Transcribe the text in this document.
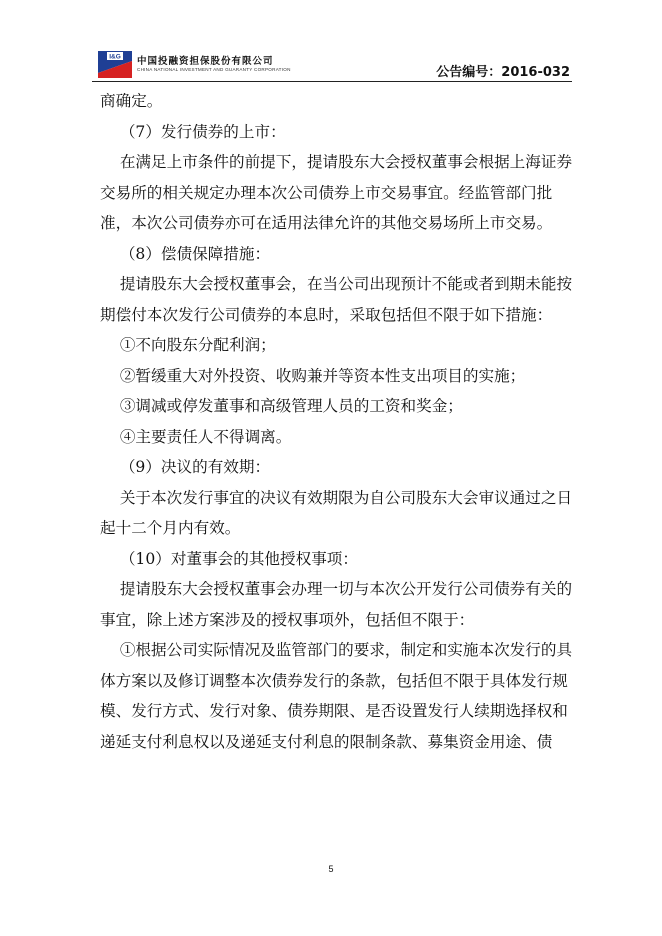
I&G 中国投融资担保股份有限公司
CHINA NATIONAL INVESTMENT AND GUARANTY CORPORATION	公告编号：2016-032

商确定。

（7）发行债券的上市：

在满足上市条件的前提下，提请股东大会授权董事会根据上海证券交易所的相关规定办理本次公司债券上市交易事宜。经监管部门批准，本次公司债券亦可在适用法律允许的其他交易场所上市交易。

（8）偿债保障措施：

提请股东大会授权董事会，在当公司出现预计不能或者到期未能按期偿付本次发行公司债券的本息时，采取包括但不限于如下措施：

①不向股东分配利润；

②暂缓重大对外投资、收购兼并等资本性支出项目的实施；

③调减或停发董事和高级管理人员的工资和奖金；

④主要责任人不得调离。

（9）决议的有效期：

关于本次发行事宜的决议有效期限为自公司股东大会审议通过之日起十二个月内有效。

（10）对董事会的其他授权事项：

提请股东大会授权董事会办理一切与本次公开发行公司债券有关的事宜，除上述方案涉及的授权事项外，包括但不限于：

①根据公司实际情况及监管部门的要求，制定和实施本次发行的具体方案以及修订调整本次债券发行的条款，包括但不限于具体发行规模、发行方式、发行对象、债券期限、是否设置发行人续期选择权和递延支付利息权以及递延支付利息的限制条款、募集资金用途、债

5
